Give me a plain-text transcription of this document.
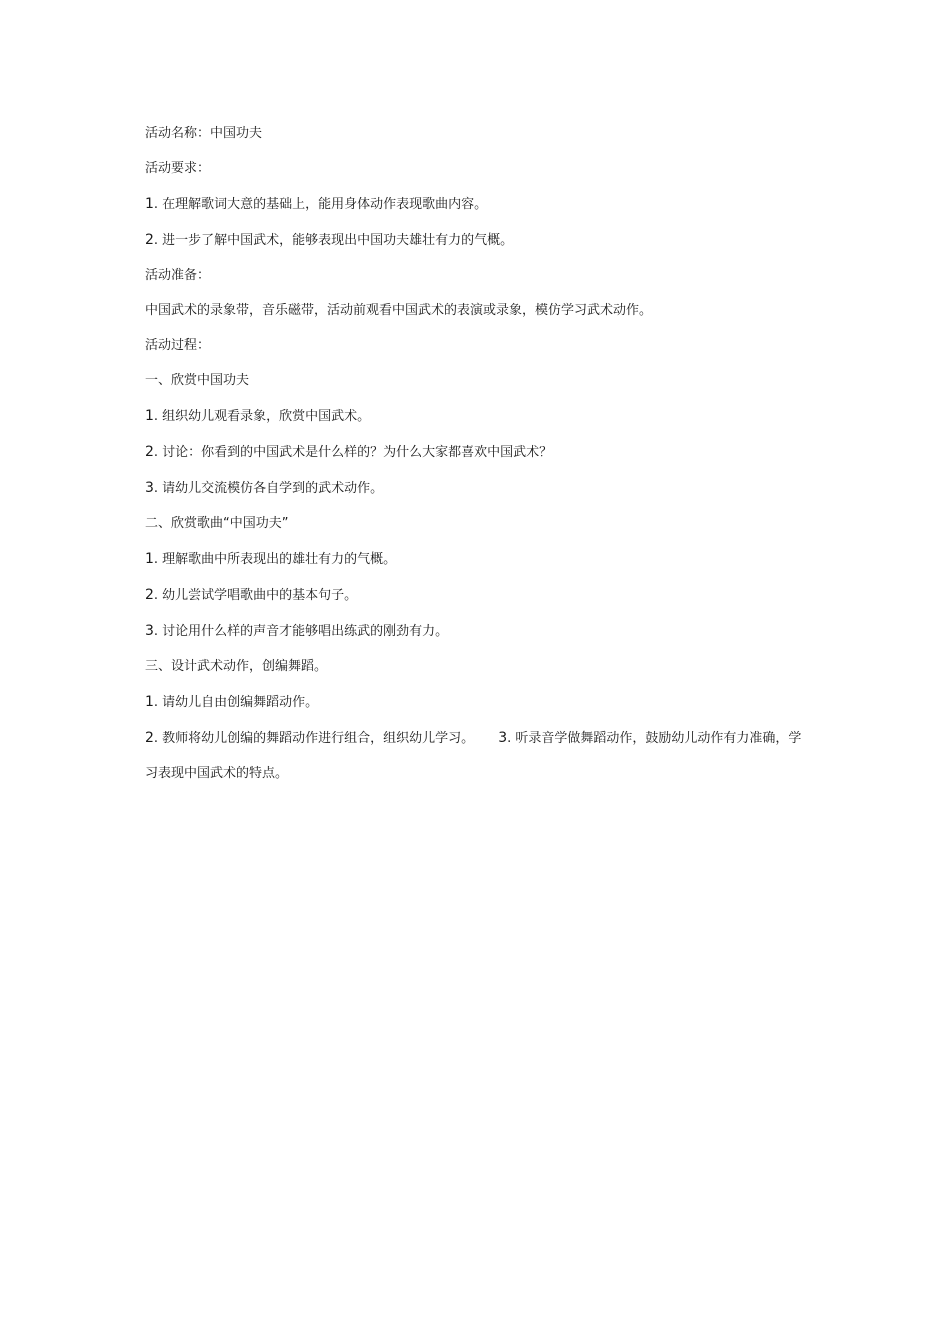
活动名称：中国功夫

活动要求：

1. 在理解歌词大意的基础上，能用身体动作表现歌曲内容。

2. 进一步了解中国武术，能够表现出中国功夫雄壮有力的气概。

活动准备：

中国武术的录象带，音乐磁带，活动前观看中国武术的表演或录象，模仿学习武术动作。

活动过程：

一、欣赏中国功夫

1. 组织幼儿观看录象，欣赏中国武术。

2. 讨论：你看到的中国武术是什么样的？为什么大家都喜欢中国武术？

3. 请幼儿交流模仿各自学到的武术动作。

二、欣赏歌曲“中国功夫”

1. 理解歌曲中所表现出的雄壮有力的气概。

2. 幼儿尝试学唱歌曲中的基本句子。

3. 讨论用什么样的声音才能够唱出练武的刚劲有力。

三、设计武术动作，创编舞蹈。

1. 请幼儿自由创编舞蹈动作。

2. 教师将幼儿创编的舞蹈动作进行组合，组织幼儿学习。 3. 听录音学做舞蹈动作，鼓励幼儿动作有力准确，学习表现中国武术的特点。
